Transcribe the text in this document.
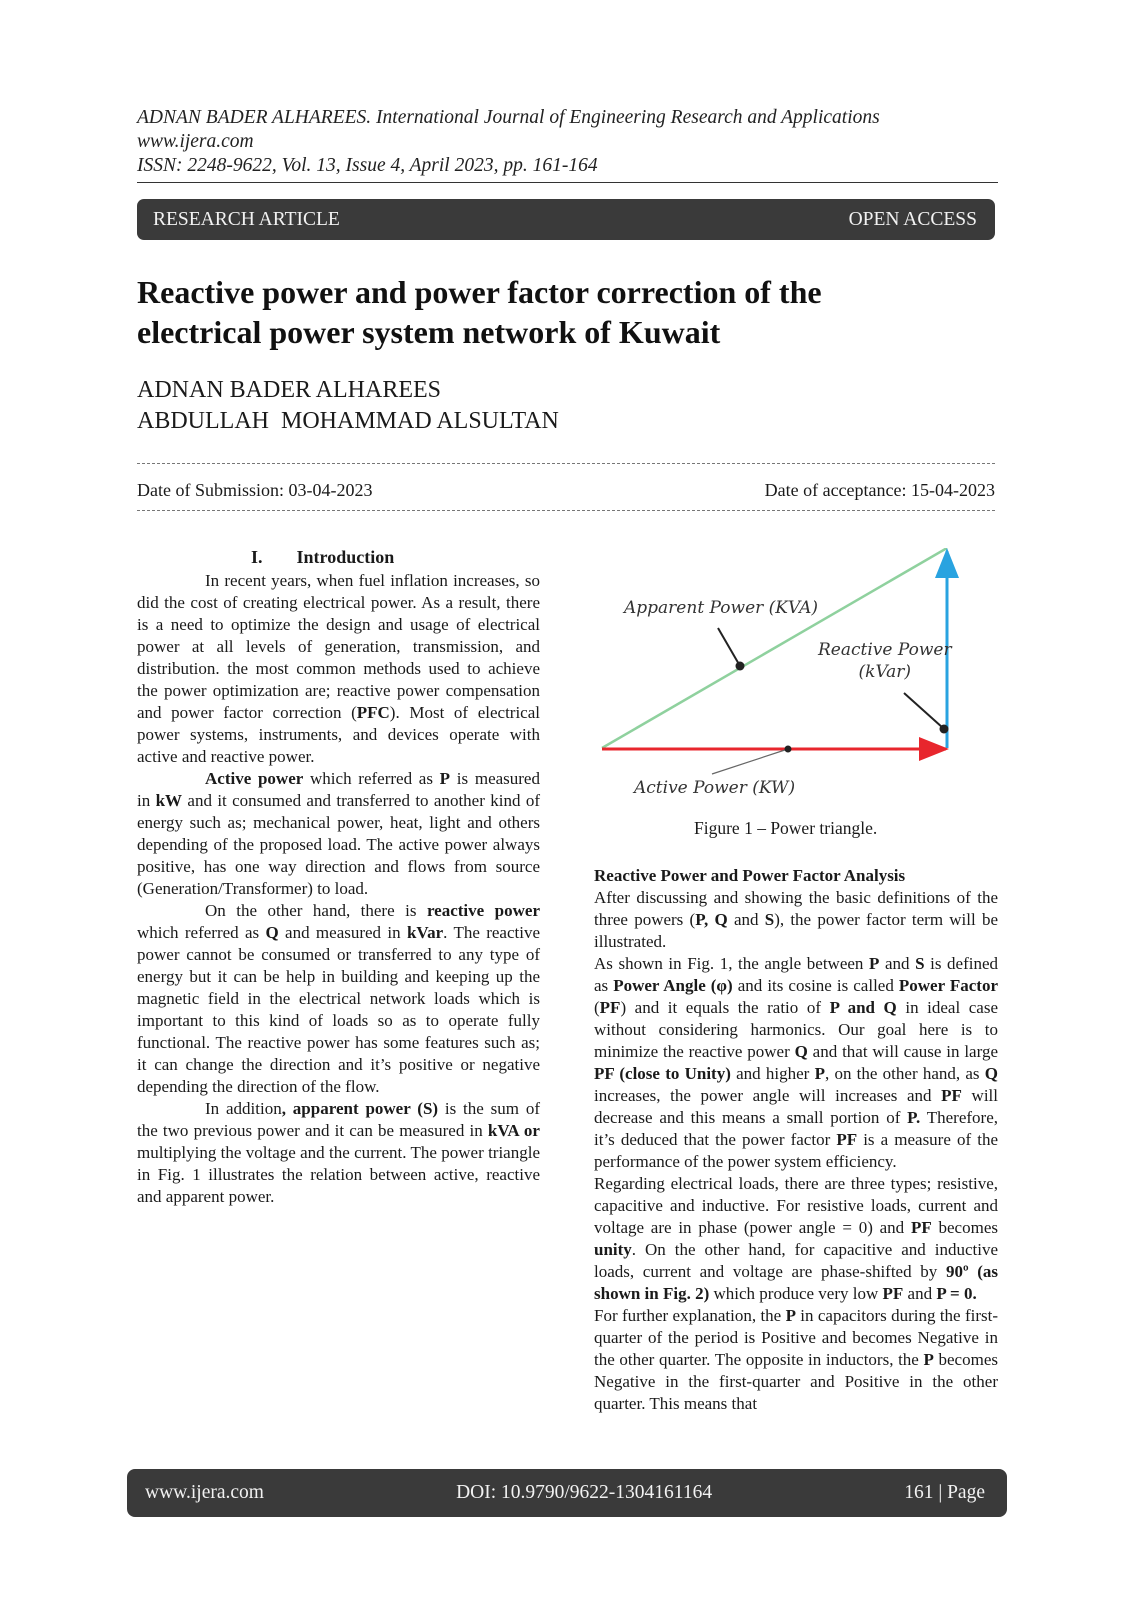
ADNAN BADER ALHAREES. International Journal of Engineering Research and Applications
www.ijera.com
ISSN: 2248-9622, Vol. 13, Issue 4, April 2023, pp. 161-164
RESEARCH ARTICLE	OPEN ACCESS
Reactive power and power factor correction of the
electrical power system network of Kuwait
ADNAN BADER ALHAREES
ABDULLAH  MOHAMMAD ALSULTAN
Date of Submission: 03-04-2023	Date of acceptance: 15-04-2023

I. Introduction

In recent years, when fuel inflation increases, so did the cost of creating electrical power. As a result, there is a need to optimize the design and usage of electrical power at all levels of generation, transmission, and distribution. the most common methods used to achieve the power optimization are; reactive power compensation and power factor correction (PFC). Most of electrical power systems, instruments, and devices operate with active and reactive power.

Active power which referred as P is measured in kW and it consumed and transferred to another kind of energy such as; mechanical power, heat, light and others depending of the proposed load. The active power always positive, has one way direction and flows from source (Generation/Transformer) to load.

On the other hand, there is reactive power which referred as Q and measured in kVar. The reactive power cannot be consumed or transferred to any type of energy but it can be help in building and keeping up the magnetic field in the electrical network loads which is important to this kind of loads so as to operate fully functional. The reactive power has some features such as; it can change the direction and it’s positive or negative depending the direction of the flow.

In addition, apparent power (S) is the sum of the two previous power and it can be measured in kVA or multiplying the voltage and the current. The power triangle in Fig. 1 illustrates the relation between active, reactive and apparent power.

Apparent Power (KVA)
Reactive Power
(kVar)
Active Power (KW)
Figure 1 – Power triangle.

Reactive Power and Power Factor Analysis

After discussing and showing the basic definitions of the three powers (P, Q and S), the power factor term will be illustrated.

As shown in Fig. 1, the angle between P and S is defined as Power Angle (φ) and its cosine is called Power Factor (PF) and it equals the ratio of P and Q in ideal case without considering harmonics. Our goal here is to minimize the reactive power Q and that will cause in large PF (close to Unity) and higher P, on the other hand, as Q increases, the power angle will increases and PF will decrease and this means a small portion of P. Therefore, it’s deduced that the power factor PF is a measure of the performance of the power system efficiency.

Regarding electrical loads, there are three types; resistive, capacitive and inductive. For resistive loads, current and voltage are in phase (power angle = 0) and PF becomes unity. On the other hand, for capacitive and inductive loads, current and voltage are phase-shifted by 90º (as shown in Fig. 2) which produce very low PF and P = 0.

For further explanation, the P in capacitors during the first-quarter of the period is Positive and becomes Negative in the other quarter. The opposite in inductors, the P becomes Negative in the first-quarter and Positive in the other quarter. This means that

www.ijera.com	DOI: 10.9790/9622-1304161164	161 | Page
